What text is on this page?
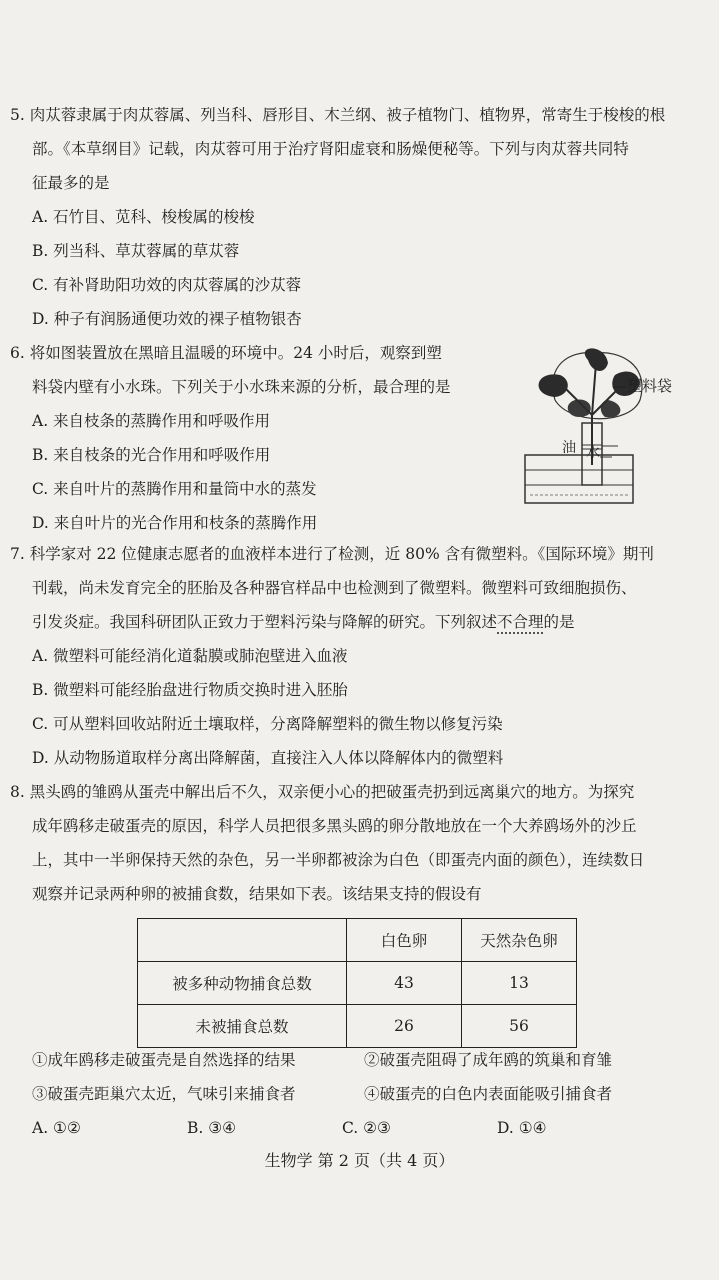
5. 肉苁蓉隶属于肉苁蓉属、列当科、唇形目、木兰纲、被子植物门、植物界，常寄生于梭梭的根
部。《本草纲目》记载，肉苁蓉可用于治疗肾阳虚衰和肠燥便秘等。下列与肉苁蓉共同特
征最多的是
A. 石竹目、苋科、梭梭属的梭梭
B. 列当科、草苁蓉属的草苁蓉
C. 有补肾助阳功效的肉苁蓉属的沙苁蓉
D. 种子有润肠通便功效的裸子植物银杏
6. 将如图装置放在黑暗且温暖的环境中。24 小时后，观察到塑
料袋内壁有小水珠。下列关于小水珠来源的分析，最合理的是
A. 来自枝条的蒸腾作用和呼吸作用
B. 来自枝条的光合作用和呼吸作用
C. 来自叶片的蒸腾作用和量筒中水的蒸发
D. 来自叶片的光合作用和枝条的蒸腾作用
—塑料袋
油 水
7. 科学家对 22 位健康志愿者的血液样本进行了检测，近 80% 含有微塑料。《国际环境》期刊
刊载，尚未发育完全的胚胎及各种器官样品中也检测到了微塑料。微塑料可致细胞损伤、
引发炎症。我国科研团队正致力于塑料污染与降解的研究。下列叙述不合理的是
A. 微塑料可能经消化道黏膜或肺泡壁进入血液
B. 微塑料可能经胎盘进行物质交换时进入胚胎
C. 可从塑料回收站附近土壤取样，分离降解塑料的微生物以修复污染
D. 从动物肠道取样分离出降解菌，直接注入人体以降解体内的微塑料
8. 黑头鸥的雏鸥从蛋壳中解出后不久，双亲便小心的把破蛋壳扔到远离巢穴的地方。为探究
成年鸥移走破蛋壳的原因，科学人员把很多黑头鸥的卵分散地放在一个大养鸥场外的沙丘
上，其中一半卵保持天然的杂色，另一半卵都被涂为白色（即蛋壳内面的颜色），连续数日
观察并记录两种卵的被捕食数，结果如下表。该结果支持的假设有
	白色卵	天然杂色卵
被多种动物捕食总数	43	13
未被捕食总数	26	56
①成年鸥移走破蛋壳是自然选择的结果	②破蛋壳阻碍了成年鸥的筑巢和育雏
③破蛋壳距巢穴太近，气味引来捕食者	④破蛋壳的白色内表面能吸引捕食者
A. ①②	B. ③④	C. ②③	D. ①④
生物学 第 2 页（共 4 页）
